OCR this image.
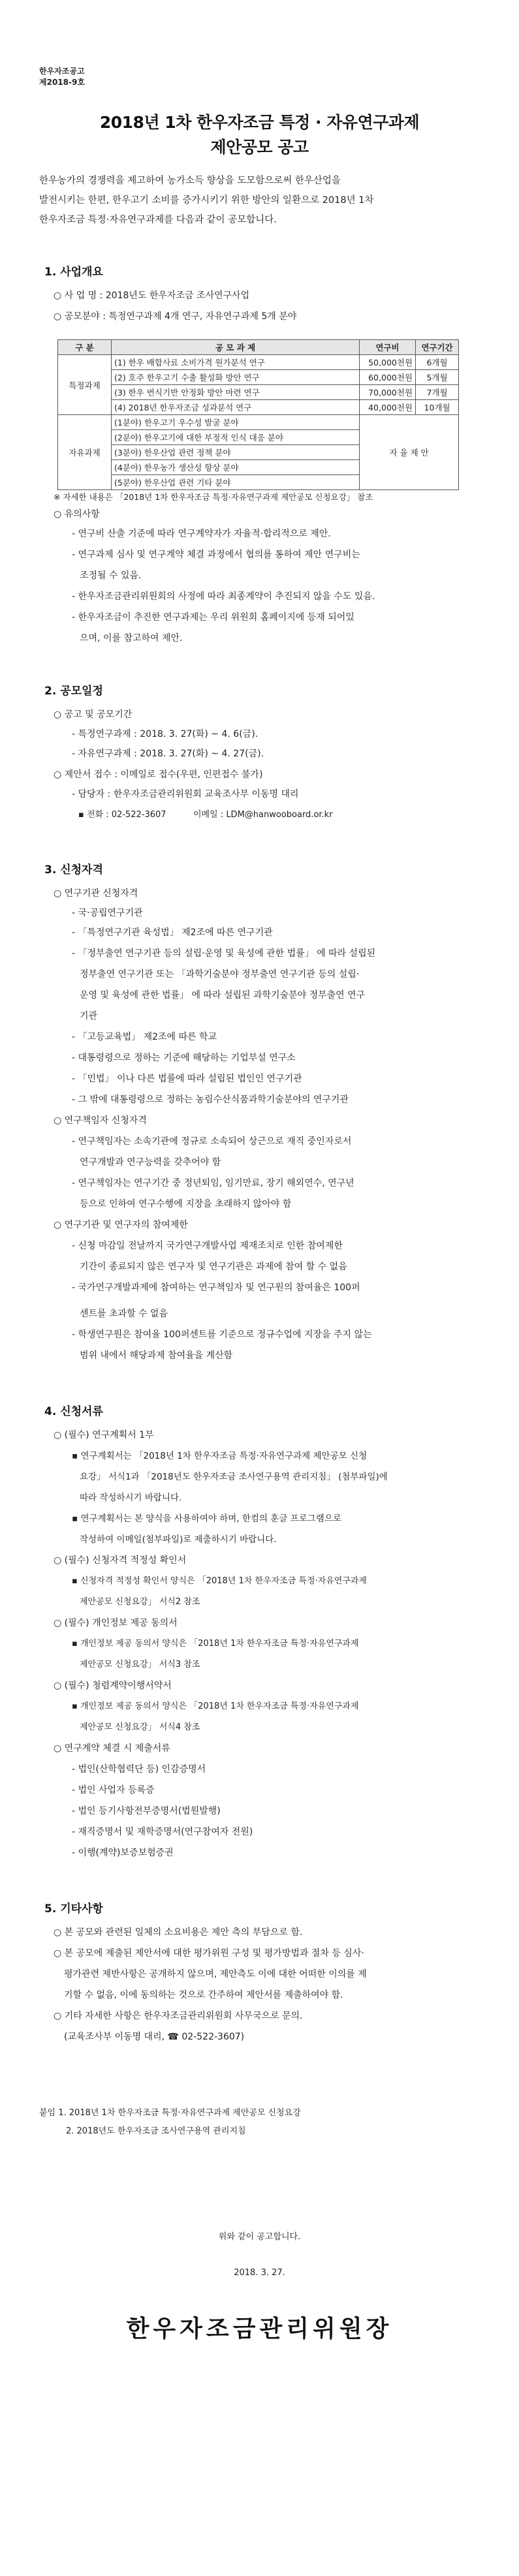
한우자조공고
제2018-9호
2018년 1차 한우자조금 특정 · 자유연구과제
제안공모 공고
한우농가의 경쟁력을 제고하여 농가소득 향상을 도모함으로써 한우산업을
발전시키는 한편, 한우고기 소비를 증가시키기 위한 방안의 일환으로 2018년 1차
한우자조금 특정·자유연구과제를 다음과 같이 공모합니다.
1. 사업개요
○ 사 업 명 : 2018년도 한우자조금 조사연구사업
○ 공모분야 : 특정연구과제 4개 연구, 자유연구과제 5개 분야
구 분	공 모 과 제	연구비	연구기간
특정과제	(1) 한우 배합사료 소비가격 원가분석 연구	50,000천원	6개월
	(2) 호주 한우고기 수출 활성화 방안 연구	60,000천원	5개월
	(3) 한우 번식기반 안정화 방안 마련 연구	70,000천원	7개월
	(4) 2018년 한우자조금 성과분석 연구	40,000천원	10개월
자유과제	(1분야) 한우고기 우수성 발굴 분야	자 율 제 안	
	(2분야) 한우고기에 대한 부정적 인식 대응 분야		
	(3분야) 한우산업 관련 정책 분야		
	(4분야) 한우농가 생산성 향상 분야		
	(5분야) 한우산업 관련 기타 분야		
※ 자세한 내용은 「2018년 1차 한우자조금 특정·자유연구과제 제안공모 신청요강」 참조
○ 유의사항
- 연구비 산출 기준에 따라 연구계약자가 자율적·합리적으로 제안.
- 연구과제 심사 및 연구계약 체결 과정에서 협의를 통하여 제안 연구비는
조정될 수 있음.
- 한우자조금관리위원회의 사정에 따라 최종계약이 추진되지 않을 수도 있음.
- 한우자조금이 추진한 연구과제는 우리 위원회 홈페이지에 등재 되어있
으며, 이를 참고하여 제안.
2. 공모일정
○ 공고 및 공모기간
- 특정연구과제 : 2018. 3. 27(화) ~ 4. 6(금).
- 자유연구과제 : 2018. 3. 27(화) ~ 4. 27(금).
○ 제안서 접수 : 이메일로 접수(우편, 인편접수 불가)
- 담당자 : 한우자조금관리위원회 교육조사부 이동명 대리
▪ 전화 : 02-522-3607	이메일 : LDM@hanwooboard.or.kr
3. 신청자격
○ 연구기관 신청자격
- 국·공립연구기관
- 「특정연구기관 육성법」 제2조에 따른 연구기관
- 「정부출연 연구기관 등의 설립·운영 및 육성에 관한 법률」 에 따라 설립된
정부출연 연구기관 또는 「과학기술분야 정부출연 연구기관 등의 설립·
운영 및 육성에 관한 법률」 에 따라 설립된 과학기술분야 정부출연 연구
기관
- 「고등교육법」 제2조에 따른 학교
- 대통령령으로 정하는 기준에 해당하는 기업부설 연구소
- 「민법」 이나 다른 법률에 따라 설립된 법인인 연구기관
- 그 밖에 대통령령으로 정하는 농림수산식품과학기술분야의 연구기관
○ 연구책임자 신청자격
- 연구책임자는 소속기관에 정규로 소속되어 상근으로 재직 중인자로서
연구개발과 연구능력을 갖추어야 함
- 연구책임자는 연구기간 중 정년퇴임, 임기만료, 장기 해외연수, 연구년
등으로 인하여 연구수행에 지장을 초래하지 않아야 함
○ 연구기관 및 연구자의 참여제한
- 신청 마감일 전날까지 국가연구개발사업 제재조치로 인한 참여제한
기간이 종료되지 않은 연구자 및 연구기관은 과제에 참여 할 수 없음
- 국가연구개발과제에 참여하는 연구책임자 및 연구원의 참여율은 100퍼
센트를 초과할 수 없음
- 학생연구원은 참여율 100퍼센트를 기준으로 정규수업에 지장을 주지 않는
범위 내에서 해당과제 참여율을 계산함
4. 신청서류
○ (필수) 연구계획서 1부
▪ 연구계획서는 「2018년 1차 한우자조금 특정·자유연구과제 제안공모 신청
요강」 서식1과 「2018년도 한우자조금 조사연구용역 관리지침」 (첨부파일)에
따라 작성하시기 바랍니다.
▪ 연구계획서는 본 양식을 사용하여야 하며, 한컴의 훈글 프로그램으로
작성하여 이메일(첨부파일)로 제출하시기 바랍니다.
○ (필수) 신청자격 적정성 확인서
▪ 신청자격 적정성 확인서 양식은 「2018년 1차 한우자조금 특정·자유연구과제
제안공모 신청요강」 서식2 참조
○ (필수) 개인정보 제공 동의서
▪ 개인정보 제공 동의서 양식은 「2018년 1차 한우자조금 특정·자유연구과제
제안공모 신청요강」 서식3 참조
○ (필수) 청렴계약이행서약서
▪ 개인정보 제공 동의서 양식은 「2018년 1차 한우자조금 특정·자유연구과제
제안공모 신청요강」 서식4 참조
○ 연구계약 체결 시 제출서류
- 법인(산학협력단 등) 인감증명서
- 법인 사업자 등록증
- 법인 등기사항전부증명서(법원발행)
- 재직증명서 및 재학증명서(연구참여자 전원)
- 이행(계약)보증보험증권
5. 기타사항
○ 본 공모와 관련된 일체의 소요비용은 제안 측의 부담으로 함.
○ 본 공모에 제출된 제안서에 대한 평가위원 구성 및 평가방법과 절차 등 심사·
평가관련 제반사항은 공개하지 않으며, 제안측도 이에 대한 어떠한 이의를 제
기할 수 없음, 이에 동의하는 것으로 간주하여 제안서를 제출하여야 함.
○ 기타 자세한 사항은 한우자조금관리위원회 사무국으로 문의.
(교육조사부 이동명 대리, ☎ 02-522-3607)
붙임 1. 2018년 1차 한우자조금 특정·자유연구과제 제안공모 신청요강
2. 2018년도 한우자조금 조사연구용역 관리지침
위와 같이 공고합니다.
2018. 3. 27.
한우자조금관리위원장
